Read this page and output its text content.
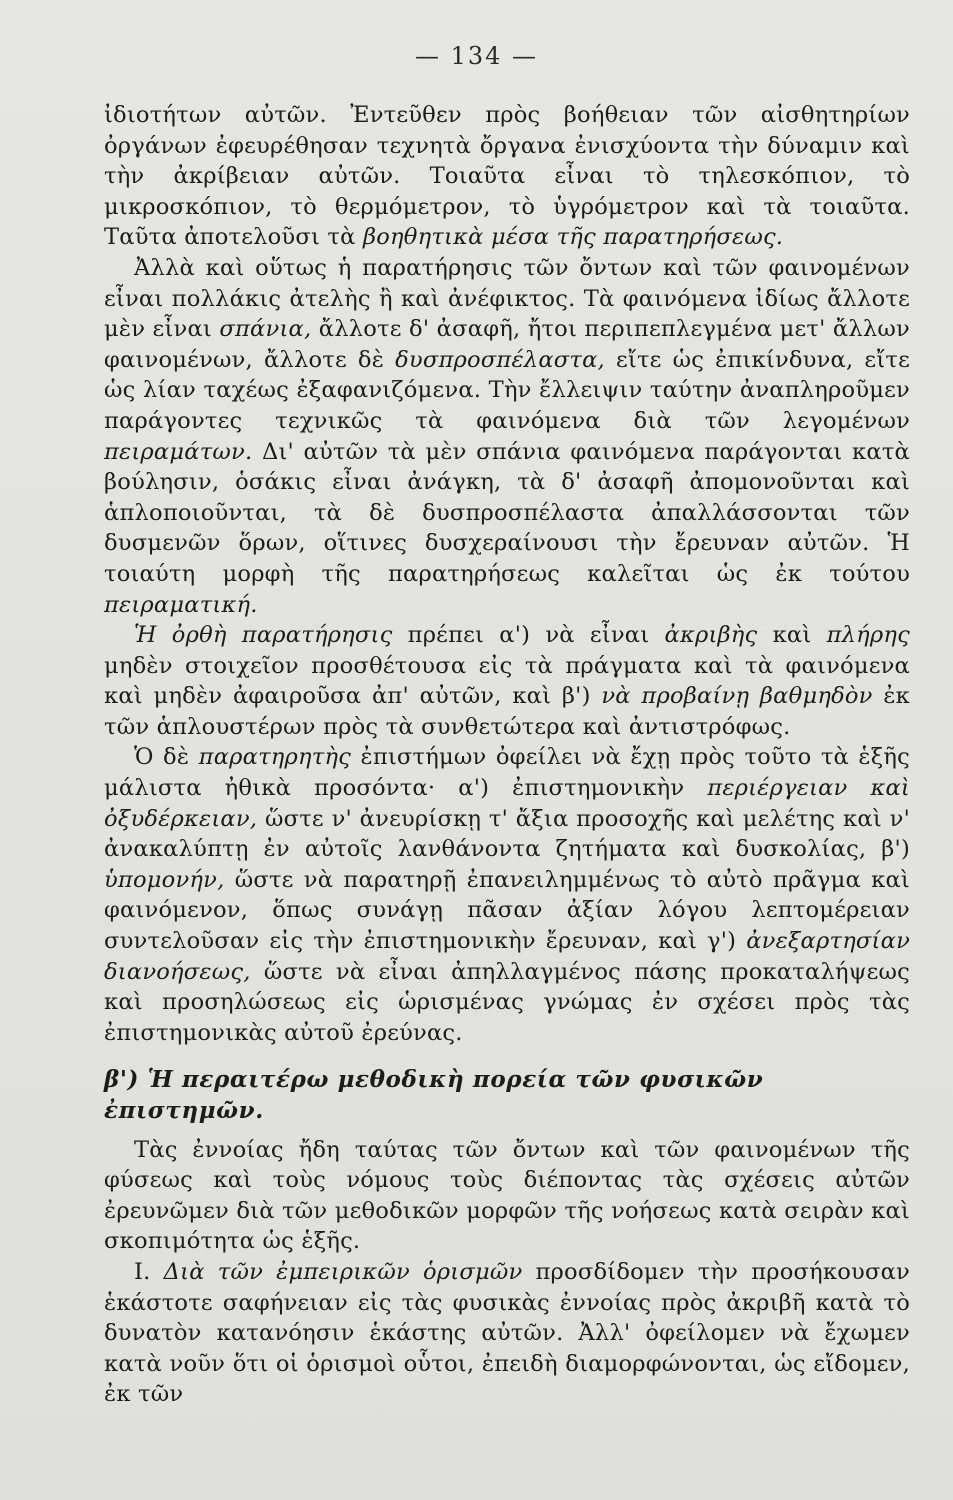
— 134 —

ἰδιοτήτων αὐτῶν. Ἐντεῦθεν πρὸς βοήθειαν τῶν αἰσθητηρίων ὀργάνων ἐφευρέθησαν τεχνητὰ ὄργανα ἐνισχύοντα τὴν δύναμιν καὶ τὴν ἀκρίβειαν αὐτῶν. Τοιαῦτα εἶναι τὸ τηλεσκόπιον, τὸ μικροσκόπιον, τὸ θερμόμετρον, τὸ ὑγρόμετρον καὶ τὰ τοιαῦτα. Ταῦτα ἀποτελοῦσι τὰ βοηθητικὰ μέσα τῆς παρατηρήσεως.

Ἀλλὰ καὶ οὕτως ἡ παρατήρησις τῶν ὄντων καὶ τῶν φαινομένων εἶναι πολλάκις ἀτελὴς ἢ καὶ ἀνέφικτος. Τὰ φαινόμενα ἰδίως ἄλλοτε μὲν εἶναι σπάνια, ἄλλοτε δ' ἀσαφῆ, ἤτοι περιπεπλεγμένα μετ' ἄλλων φαινομένων, ἄλλοτε δὲ δυσπροσπέλαστα, εἴτε ὡς ἐπικίνδυνα, εἴτε ὡς λίαν ταχέως ἐξαφανιζόμενα. Τὴν ἔλλειψιν ταύτην ἀναπληροῦμεν παράγοντες τεχνικῶς τὰ φαινόμενα διὰ τῶν λεγομένων πειραμάτων. Δι' αὐτῶν τὰ μὲν σπάνια φαινόμενα παράγονται κατὰ βούλησιν, ὁσάκις εἶναι ἀνάγκη, τὰ δ' ἀσαφῆ ἀπομονοῦνται καὶ ἁπλοποιοῦνται, τὰ δὲ δυσπροσπέλαστα ἀπαλλάσσονται τῶν δυσμενῶν ὅρων, οἵτινες δυσχεραίνουσι τὴν ἔρευναν αὐτῶν. Ἡ τοιαύτη μορφὴ τῆς παρατηρήσεως καλεῖται ὡς ἐκ τούτου πειραματική.

Ἡ ὀρθὴ παρατήρησις πρέπει α') νὰ εἶναι ἀκριβὴς καὶ πλήρης μηδὲν στοιχεῖον προσθέτουσα εἰς τὰ πράγματα καὶ τὰ φαινόμενα καὶ μηδὲν ἀφαιροῦσα ἀπ' αὐτῶν, καὶ β') νὰ προβαίνῃ βαθμηδὸν ἐκ τῶν ἁπλουστέρων πρὸς τὰ συνθετώτερα καὶ ἀντιστρόφως.

Ὁ δὲ παρατηρητὴς ἐπιστήμων ὀφείλει νὰ ἔχῃ πρὸς τοῦτο τὰ ἑξῆς μάλιστα ἠθικὰ προσόντα· α') ἐπιστημονικὴν περιέργειαν καὶ ὀξυδέρκειαν, ὥστε ν' ἀνευρίσκῃ τ' ἄξια προσοχῆς καὶ μελέτης καὶ ν' ἀνακαλύπτῃ ἐν αὐτοῖς λανθάνοντα ζητήματα καὶ δυσκολίας, β') ὑπομονήν, ὥστε νὰ παρατηρῇ ἐπανειλημμένως τὸ αὐτὸ πρᾶγμα καὶ φαινόμενον, ὅπως συνάγῃ πᾶσαν ἀξίαν λόγου λεπτομέρειαν συντελοῦσαν εἰς τὴν ἐπιστημονικὴν ἔρευναν, καὶ γ') ἀνεξαρτησίαν διανοήσεως, ὥστε νὰ εἶναι ἀπηλλαγμένος πάσης προκαταλήψεως καὶ προσηλώσεως εἰς ὡρισμένας γνώμας ἐν σχέσει πρὸς τὰς ἐπιστημονικὰς αὐτοῦ ἐρεύνας.

β') Ἡ περαιτέρω μεθοδικὴ πορεία τῶν φυσικῶν ἐπιστημῶν.

Τὰς ἐννοίας ἤδη ταύτας τῶν ὄντων καὶ τῶν φαινομένων τῆς φύσεως καὶ τοὺς νόμους τοὺς διέποντας τὰς σχέσεις αὐτῶν ἐρευνῶμεν διὰ τῶν μεθοδικῶν μορφῶν τῆς νοήσεως κατὰ σειρὰν καὶ σκοπιμότητα ὡς ἑξῆς.

I. Διὰ τῶν ἐμπειρικῶν ὁρισμῶν προσδίδομεν τὴν προσήκουσαν ἑκάστοτε σαφήνειαν εἰς τὰς φυσικὰς ἐννοίας πρὸς ἀκριβῆ κατὰ τὸ δυνατὸν κατανόησιν ἑκάστης αὐτῶν. Ἀλλ' ὀφείλομεν νὰ ἔχωμεν κατὰ νοῦν ὅτι οἱ ὁρισμοὶ οὗτοι, ἐπειδὴ διαμορφώνονται, ὡς εἴδομεν, ἐκ τῶν
